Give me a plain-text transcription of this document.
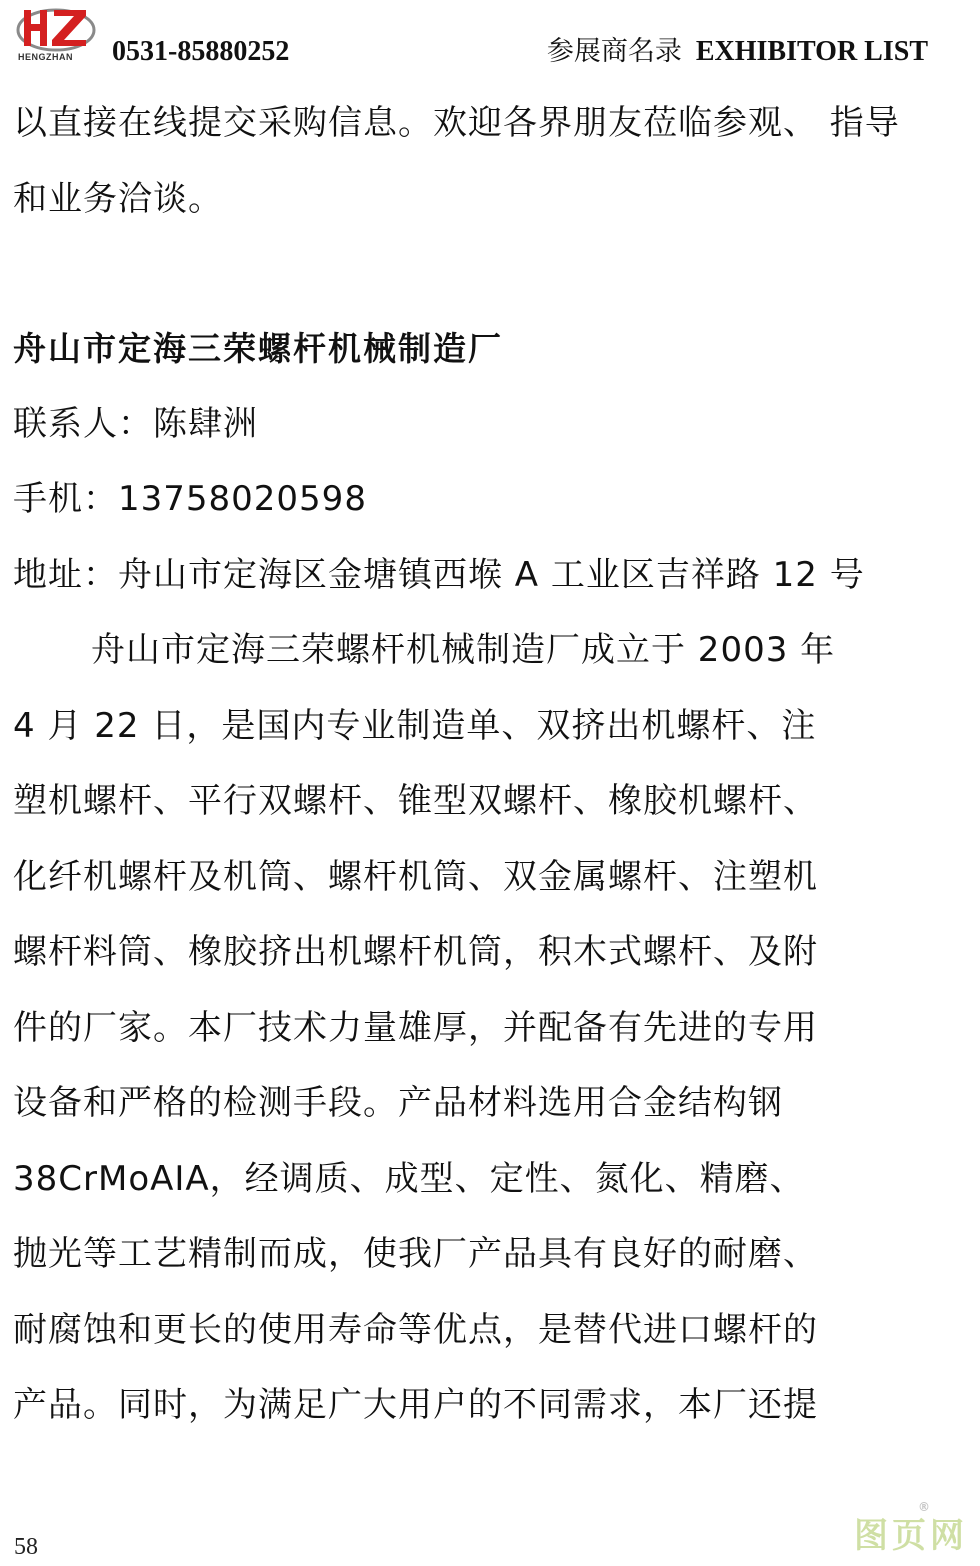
HENGZHAN 0531-85880252	参展商名录 EXHIBITOR LIST

以直接在线提交采购信息。欢迎各界朋友莅临参观、 指导

和业务洽谈。

舟山市定海三荣螺杆机械制造厂

联系人：陈肆洲

手机：13758020598

地址：舟山市定海区金塘镇西堠 A 工业区吉祥路 12 号

舟山市定海三荣螺杆机械制造厂成立于 2003 年

4 月 22 日，是国内专业制造单、双挤出机螺杆、注

塑机螺杆、平行双螺杆、锥型双螺杆、橡胶机螺杆、

化纤机螺杆及机筒、螺杆机筒、双金属螺杆、注塑机

螺杆料筒、橡胶挤出机螺杆机筒，积木式螺杆、及附

件的厂家。本厂技术力量雄厚，并配备有先进的专用

设备和严格的检测手段。产品材料选用合金结构钢

38CrMoAIA，经调质、成型、定性、氮化、精磨、

抛光等工艺精制而成，使我厂产品具有良好的耐磨、

耐腐蚀和更长的使用寿命等优点，是替代进口螺杆的

产品。同时，为满足广大用户的不同需求，本厂还提

58	图页网
®
